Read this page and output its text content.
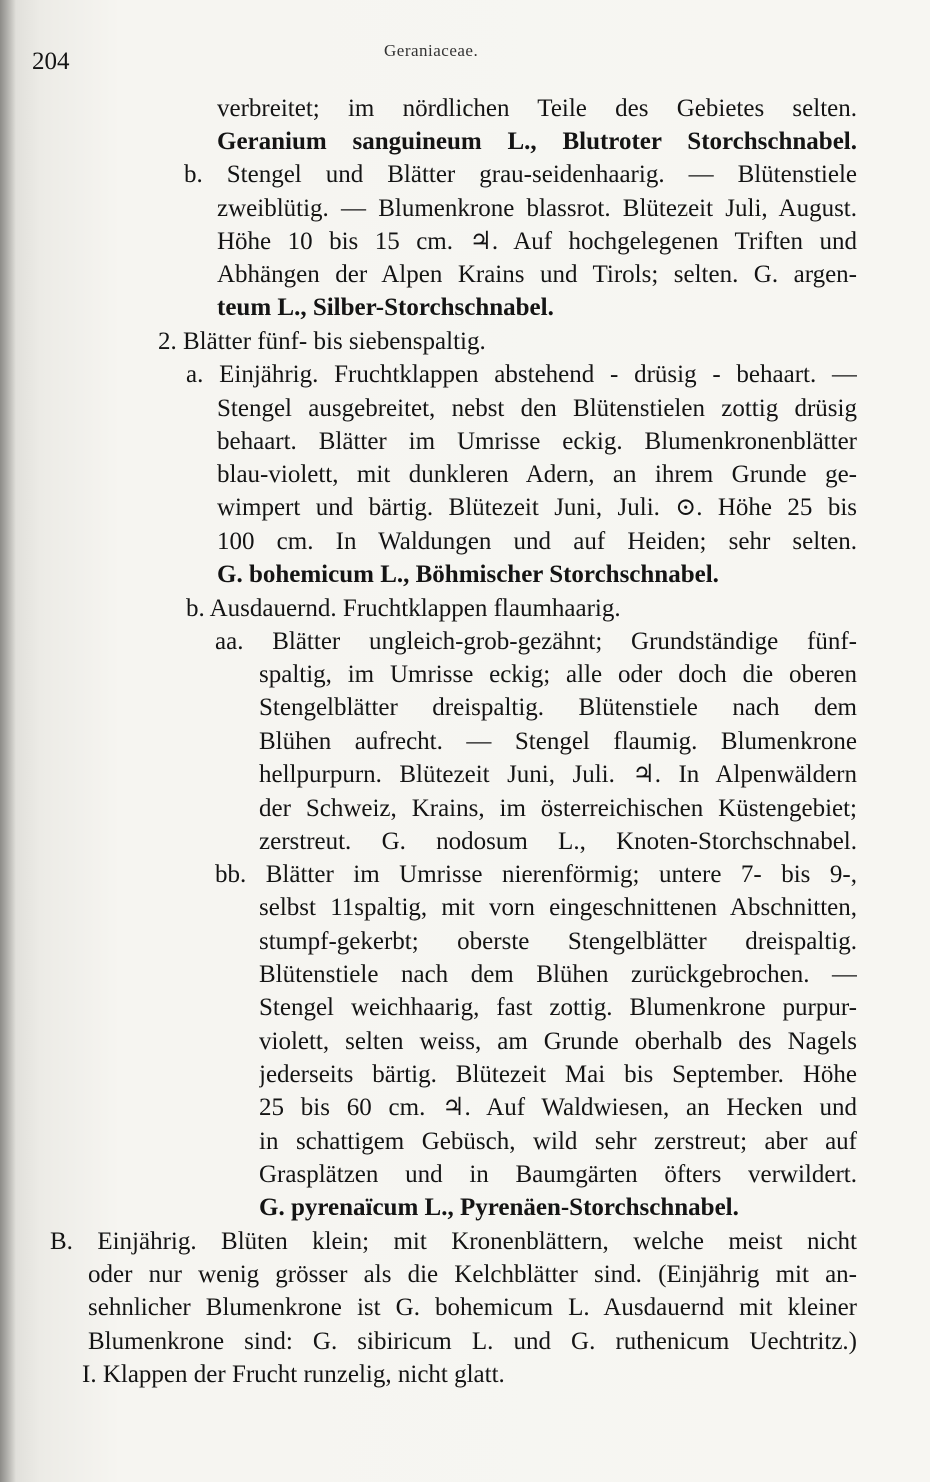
204	Geraniaceae.
verbreitet; im nördlichen Teile des Gebietes selten.
Geranium sanguineum L., Blutroter Storchschnabel.
b. Stengel und Blätter grau-seidenhaarig. — Blütenstiele
zweiblütig. — Blumenkrone blassrot. Blütezeit Juli, August.
Höhe 10 bis 15 cm. ♃. Auf hochgelegenen Triften und
Abhängen der Alpen Krains und Tirols; selten. G. argen-
teum L., Silber-Storchschnabel.
2. Blätter fünf- bis siebenspaltig.
a. Einjährig. Fruchtklappen abstehend - drüsig - behaart. —
Stengel ausgebreitet, nebst den Blütenstielen zottig drüsig
behaart. Blätter im Umrisse eckig. Blumenkronenblätter
blau-violett, mit dunkleren Adern, an ihrem Grunde ge-
wimpert und bärtig. Blütezeit Juni, Juli. ⊙. Höhe 25 bis
100 cm. In Waldungen und auf Heiden; sehr selten.
G. bohemicum L., Böhmischer Storchschnabel.
b. Ausdauernd. Fruchtklappen flaumhaarig.
aa. Blätter ungleich-grob-gezähnt; Grundständige fünf-
spaltig, im Umrisse eckig; alle oder doch die oberen
Stengelblätter dreispaltig. Blütenstiele nach dem
Blühen aufrecht. — Stengel flaumig. Blumenkrone
hellpurpurn. Blütezeit Juni, Juli. ♃. In Alpenwäldern
der Schweiz, Krains, im österreichischen Küstengebiet;
zerstreut. G. nodosum L., Knoten-Storchschnabel.
bb. Blätter im Umrisse nierenförmig; untere 7- bis 9-,
selbst 11spaltig, mit vorn eingeschnittenen Abschnitten,
stumpf-gekerbt; oberste Stengelblätter dreispaltig.
Blütenstiele nach dem Blühen zurückgebrochen. —
Stengel weichhaarig, fast zottig. Blumenkrone purpur-
violett, selten weiss, am Grunde oberhalb des Nagels
jederseits bärtig. Blütezeit Mai bis September. Höhe
25 bis 60 cm. ♃. Auf Waldwiesen, an Hecken und
in schattigem Gebüsch, wild sehr zerstreut; aber auf
Grasplätzen und in Baumgärten öfters verwildert.
G. pyrenaïcum L., Pyrenäen-Storchschnabel.
B. Einjährig. Blüten klein; mit Kronenblättern, welche meist nicht
oder nur wenig grösser als die Kelchblätter sind. (Einjährig mit an-
sehnlicher Blumenkrone ist G. bohemicum L. Ausdauernd mit kleiner
Blumenkrone sind: G. sibiricum L. und G. ruthenicum Uechtritz.)
I. Klappen der Frucht runzelig, nicht glatt.
